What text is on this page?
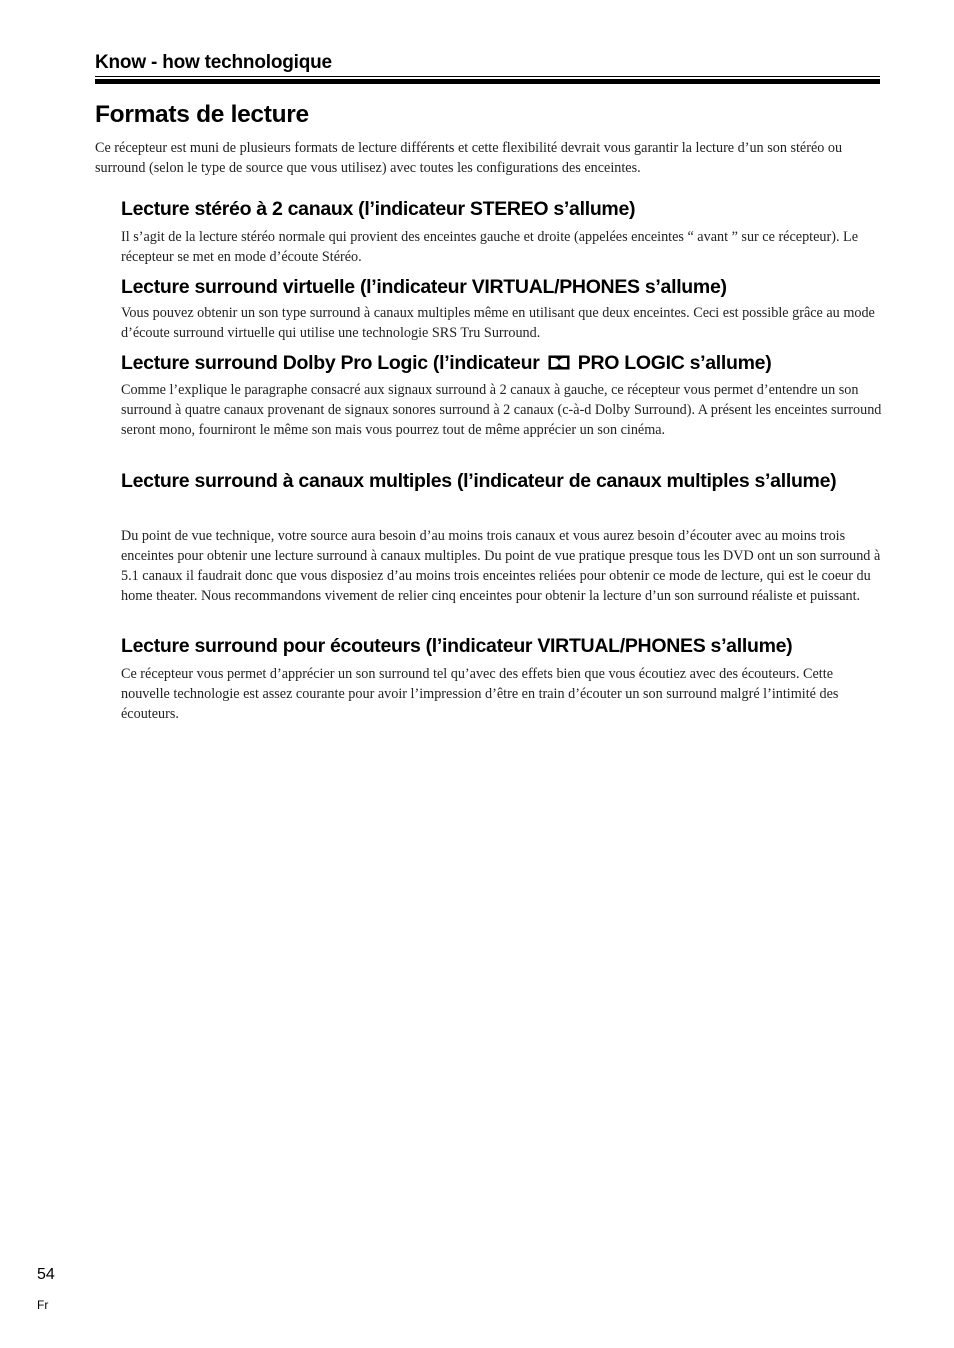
Know - how technologique
Formats de lecture

Ce récepteur est muni de plusieurs formats de lecture différents et cette flexibilité devrait vous garantir la lecture d’un son stéréo ou surround (selon le type de source que vous utilisez) avec toutes les configurations des enceintes.

Lecture stéréo à 2 canaux (l’indicateur STEREO s’allume)

Il s’agit de la lecture stéréo normale qui provient des enceintes gauche et droite (appelées enceintes “ avant ” sur ce récepteur). Le récepteur se met en mode d’écoute Stéréo.

Lecture surround virtuelle (l’indicateur VIRTUAL/PHONES s’allume)

Vous pouvez obtenir un son type surround à canaux multiples même en utilisant que deux enceintes. Ceci est possible grâce au mode d’écoute surround virtuelle qui utilise une technologie SRS Tru Surround.

Lecture surround Dolby Pro Logic (l’indicateur PRO LOGIC s’allume)

Comme l’explique le paragraphe consacré aux signaux surround à 2 canaux à gauche, ce récepteur vous permet d’entendre un son surround à quatre canaux provenant de signaux sonores surround à 2 canaux (c-à-d Dolby Surround). A présent les enceintes surround seront mono, fourniront le même son mais vous pourrez tout de même apprécier un son cinéma.

Lecture surround à canaux multiples (l’indicateur de canaux multiples s’allume)

Du point de vue technique, votre source aura besoin d’au moins trois canaux et vous aurez besoin d’écouter avec au moins trois enceintes pour obtenir une lecture surround à canaux multiples. Du point de vue pratique presque tous les DVD ont un son surround à 5.1 canaux il faudrait donc que vous disposiez d’au moins trois enceintes reliées pour obtenir ce mode de lecture, qui est le coeur du home theater. Nous recommandons vivement de relier cinq enceintes pour obtenir la lecture d’un son surround réaliste et puissant.

Lecture surround pour écouteurs (l’indicateur VIRTUAL/PHONES s’allume)

Ce récepteur vous permet d’apprécier un son surround tel qu’avec des effets bien que vous écoutiez avec des écouteurs. Cette nouvelle technologie est assez courante pour avoir l’impression d’être en train d’écouter un son surround malgré l’intimité des écouteurs.

54
Fr
